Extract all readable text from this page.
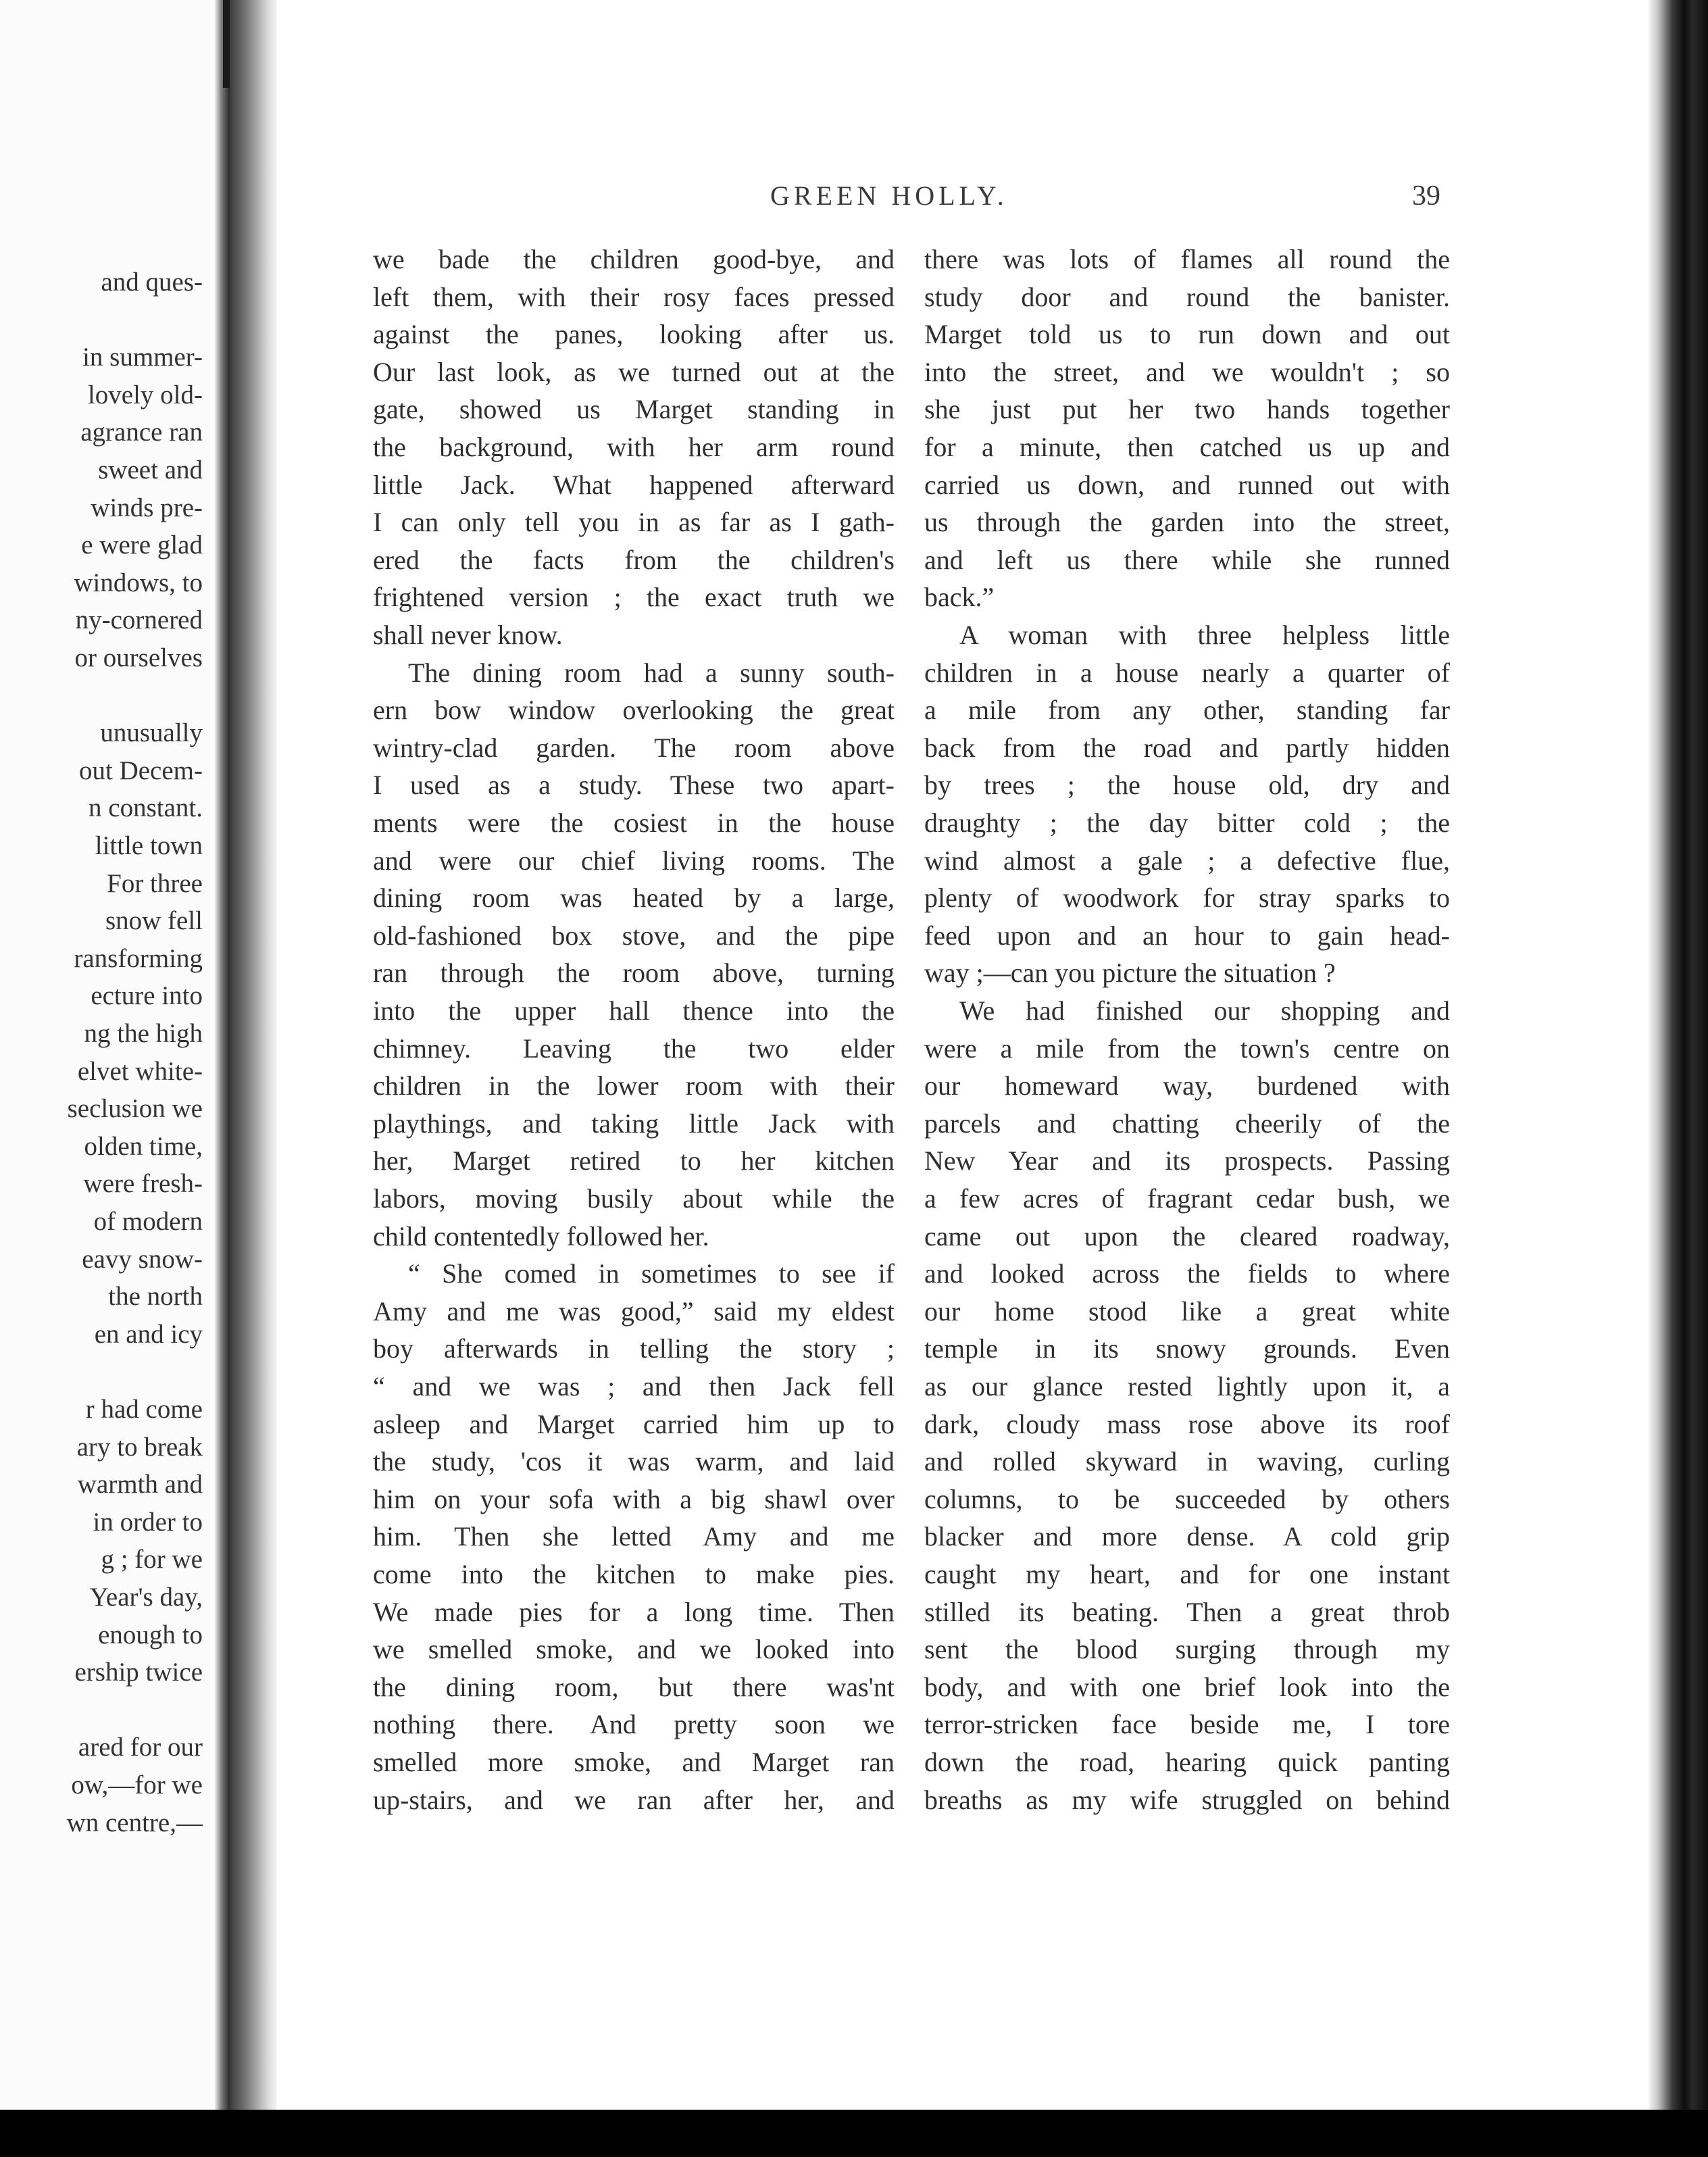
and ques-
in summer-
lovely old-
agrance ran
sweet and
winds pre-
e were glad
windows, to
ny-cornered
or ourselves
unusually
out Decem-
n constant.
little town
For three
snow fell
ransforming
ecture into
ng the high
elvet white-
seclusion we
olden time,
were fresh-
of modern
eavy snow-
the north
en and icy
r had come
ary to break
warmth and
in order to
g ; for we
Year's day,
enough to
ership twice
ared for our
ow,—for we
wn centre,—
GREEN HOLLY.	39
we bade the children good-bye, and
left them, with their rosy faces pressed
against the panes, looking after us.
Our last look, as we turned out at the
gate, showed us Marget standing in
the background, with her arm round
little Jack. What happened afterward
I can only tell you in as far as I gath-
ered the facts from the children's
frightened version ; the exact truth we
shall never know.
The dining room had a sunny south-
ern bow window overlooking the great
wintry-clad garden. The room above
I used as a study. These two apart-
ments were the cosiest in the house
and were our chief living rooms. The
dining room was heated by a large,
old-fashioned box stove, and the pipe
ran through the room above, turning
into the upper hall thence into the
chimney. Leaving the two elder
children in the lower room with their
playthings, and taking little Jack with
her, Marget retired to her kitchen
labors, moving busily about while the
child contentedly followed her.
“ She comed in sometimes to see if
Amy and me was good,” said my eldest
boy afterwards in telling the story ;
“ and we was ; and then Jack fell
asleep and Marget carried him up to
the study, 'cos it was warm, and laid
him on your sofa with a big shawl over
him. Then she letted Amy and me
come into the kitchen to make pies.
We made pies for a long time. Then
we smelled smoke, and we looked into
the dining room, but there was'nt
nothing there. And pretty soon we
smelled more smoke, and Marget ran
up-stairs, and we ran after her, and
there was lots of flames all round the
study door and round the banister.
Marget told us to run down and out
into the street, and we wouldn't ; so
she just put her two hands together
for a minute, then catched us up and
carried us down, and runned out with
us through the garden into the street,
and left us there while she runned
back.”
A woman with three helpless little
children in a house nearly a quarter of
a mile from any other, standing far
back from the road and partly hidden
by trees ; the house old, dry and
draughty ; the day bitter cold ; the
wind almost a gale ; a defective flue,
plenty of woodwork for stray sparks to
feed upon and an hour to gain head-
way ;—can you picture the situation ?
We had finished our shopping and
were a mile from the town's centre on
our homeward way, burdened with
parcels and chatting cheerily of the
New Year and its prospects. Passing
a few acres of fragrant cedar bush, we
came out upon the cleared roadway,
and looked across the fields to where
our home stood like a great white
temple in its snowy grounds. Even
as our glance rested lightly upon it, a
dark, cloudy mass rose above its roof
and rolled skyward in waving, curling
columns, to be succeeded by others
blacker and more dense. A cold grip
caught my heart, and for one instant
stilled its beating. Then a great throb
sent the blood surging through my
body, and with one brief look into the
terror-stricken face beside me, I tore
down the road, hearing quick panting
breaths as my wife struggled on behind
